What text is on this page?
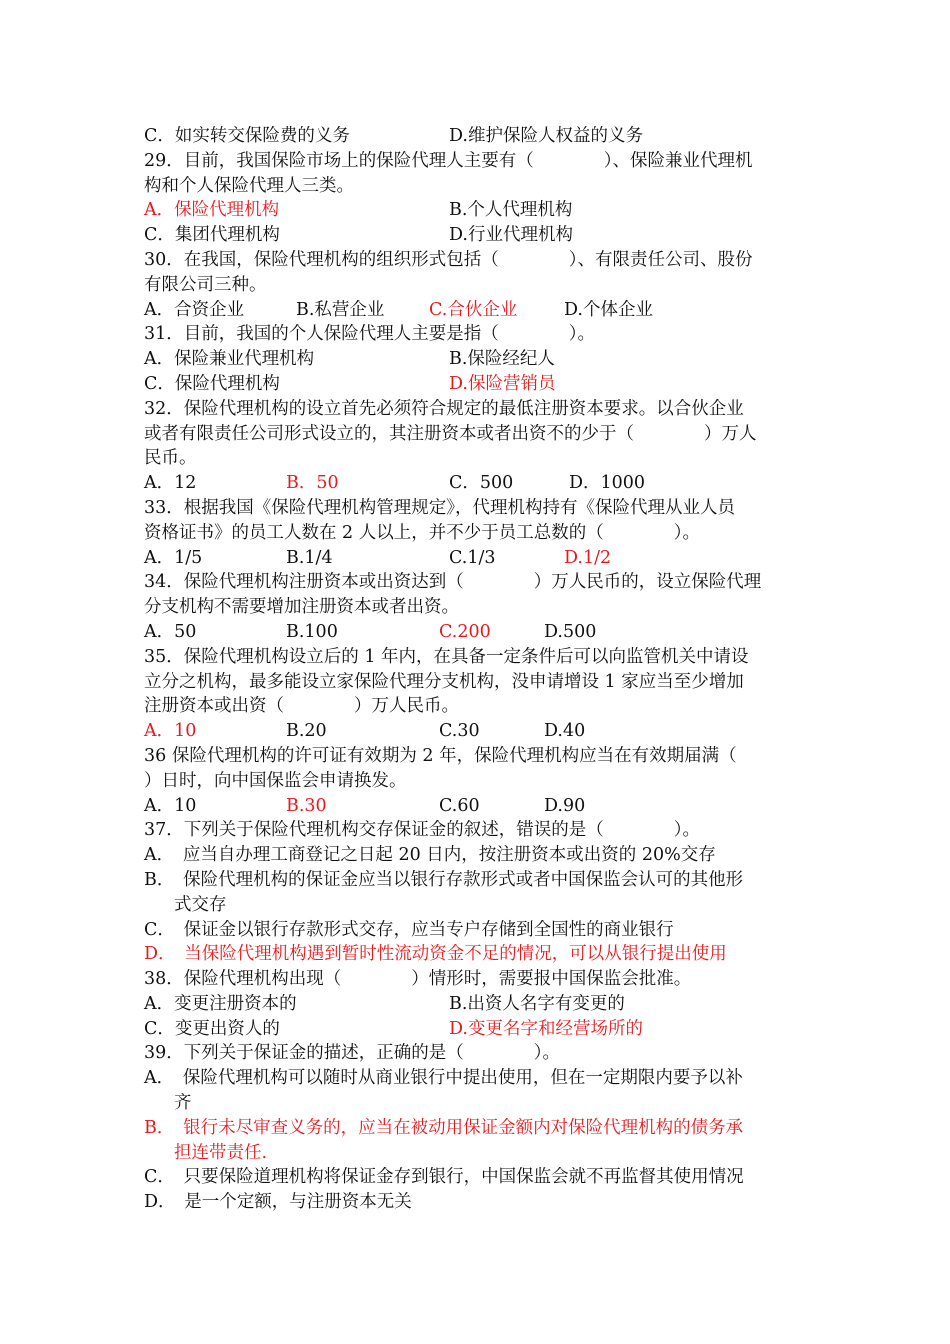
C．如实转交保险费的义务	D.维护保险人权益的义务
29．目前，我国保险市场上的保险代理人主要有（　　　　）、保险兼业代理机
构和个人保险代理人三类。
A．保险代理机构	B.个人代理机构
C．集团代理机构	D.行业代理机构
30．在我国，保险代理机构的组织形式包括（　　　　）、有限责任公司、股份
有限公司三种。
A．合资企业	B.私营企业	C.合伙企业	D.个体企业
31．目前，我国的个人保险代理人主要是指（　　　　）。
A．保险兼业代理机构	B.保险经纪人
C．保险代理机构	D.保险营销员
32．保险代理机构的设立首先必须符合规定的最低注册资本要求。以合伙企业
或者有限责任公司形式设立的，其注册资本或者出资不的少于（　　　　）万人
民币。
A．12	B．50	C．500	D．1000
33．根据我国《保险代理机构管理规定》，代理机构持有《保险代理从业人员
资格证书》的员工人数在 2 人以上，并不少于员工总数的（　　　　）。
A．1/5	B.1/4	C.1/3	D.1/2
34．保险代理机构注册资本或出资达到（　　　　）万人民币的，设立保险代理
分支机构不需要增加注册资本或者出资。
A．50	B.100	C.200	D.500
35．保险代理机构设立后的 1 年内，在具备一定条件后可以向监管机关中请设
立分之机构，最多能设立家保险代理分支机构，没申请增设 1 家应当至少增加
注册资本或出资（　　　　）万人民币。
A．10	B.20	C.30	D.40
36 保险代理机构的许可证有效期为 2 年，保险代理机构应当在有效期届满（
）日时，向中国保监会申请换发。
A．10	B.30	C.60	D.90
37．下列关于保险代理机构交存保证金的叙述，错误的是（　　　　）。
A．　应当自办理工商登记之日起 20 日内，按注册资本或出资的 20%交存
B．　保险代理机构的保证金应当以银行存款形式或者中国保监会认可的其他形
式交存
C．　保证金以银行存款形式交存，应当专户存储到全国性的商业银行
D．　当保险代理机构遇到暂时性流动资金不足的情况，可以从银行提出使用
38．保险代理机构出现（　　　　）情形时，需要报中国保监会批准。
A．变更注册资本的	B.出资人名字有变更的
C．变更出资人的	D.变更名字和经营场所的
39．下列关于保证金的描述，正确的是（　　　　）。
A．　保险代理机构可以随时从商业银行中提出使用，但在一定期限内要予以补
齐
B．　银行未尽审查义务的，应当在被动用保证金额内对保险代理机构的债务承
担连带责任.
C．　只要保险道理机构将保证金存到银行，中国保监会就不再监督其使用情况
D．　是一个定额，与注册资本无关
